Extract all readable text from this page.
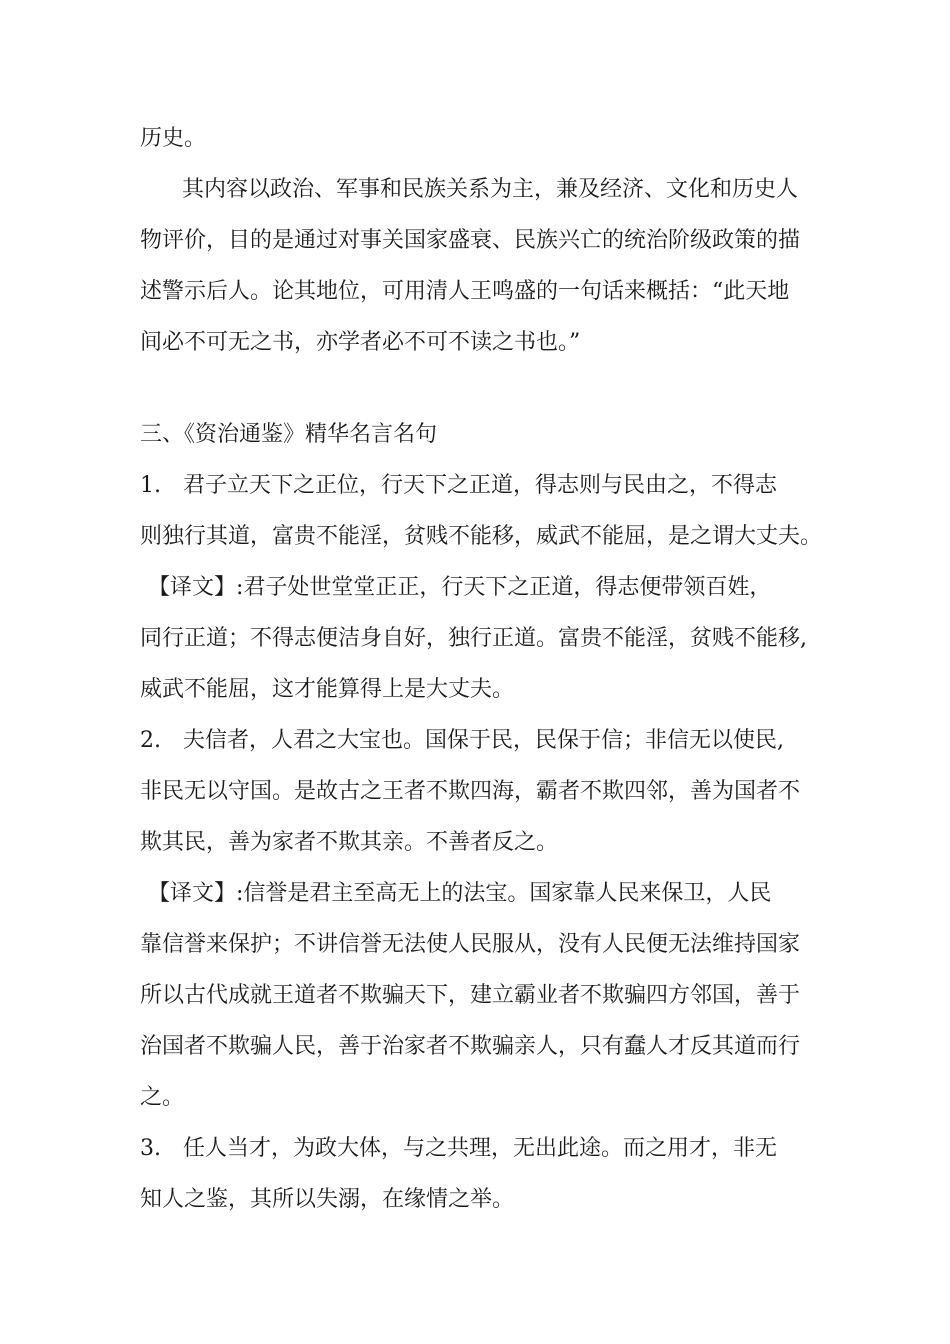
历史。
其内容以政治、军事和民族关系为主，兼及经济、文化和历史人
物评价，目的是通过对事关国家盛衰、民族兴亡的统治阶级政策的描
述警示后人。论其地位，可用清人王鸣盛的一句话来概括：“此天地
间必不可无之书，亦学者必不可不读之书也。”
三、《资治通鉴》精华名言名句
1.　君子立天下之正位，行天下之正道，得志则与民由之，不得志
则独行其道，富贵不能淫，贫贱不能移，威武不能屈，是之谓大丈夫。
【译文】:君子处世堂堂正正，行天下之正道，得志便带领百姓，
同行正道；不得志便洁身自好，独行正道。富贵不能淫，贫贱不能移,
威武不能屈，这才能算得上是大丈夫。
2.　夫信者，人君之大宝也。国保于民，民保于信；非信无以使民,
非民无以守国。是故古之王者不欺四海，霸者不欺四邻，善为国者不
欺其民，善为家者不欺其亲。不善者反之。
【译文】:信誉是君主至高无上的法宝。国家靠人民来保卫，人民
靠信誉来保护；不讲信誉无法使人民服从，没有人民便无法维持国家
所以古代成就王道者不欺骗天下，建立霸业者不欺骗四方邻国，善于
治国者不欺骗人民，善于治家者不欺骗亲人，只有蠢人才反其道而行
之。
3.　任人当才，为政大体，与之共理，无出此途。而之用才，非无
知人之鉴，其所以失溺，在缘情之举。
